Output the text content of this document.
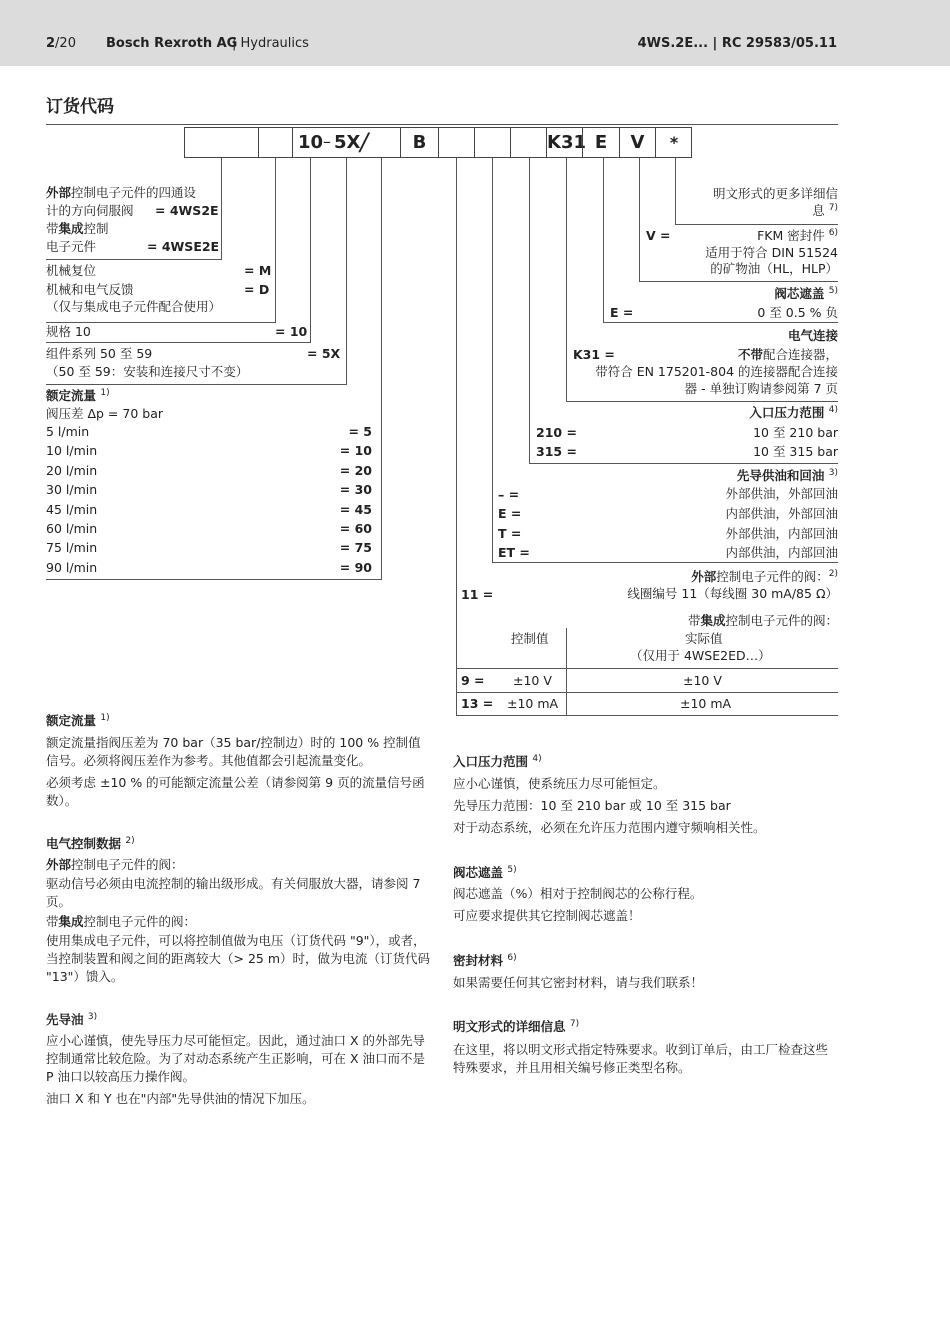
2/20 Bosch Rexroth AG
| Hydraulics	4WS.2E... | RC 29583/05.11
订货代码
10 – 5X /	B	K31 E	V	*
外部控制电子元件的四通设
计的方向伺服阀 = 4WS2E
带集成控制
电子元件	= 4WSE2E
机械复位	= M
机械和电气反馈	= D
（仅与集成电子元件配合使用）
规格 10	= 10
组件系列 50 至 59	= 5X
（50 至 59：安装和连接尺寸不变）
额定流量 $^{1)}$
阀压差 Δp = 70 bar
5 l/min	= 5
10 l/min	= 10
20 l/min	= 20
30 l/min	= 30
45 l/min	= 45
60 l/min	= 60
75 l/min	= 75
90 l/min	= 90
明文形式的更多详细信
息 $^{7)}$
V =	FKM 密封件 $^{6)}$
适用于符合 DIN 51524
的矿物油（HL，HLP）
阀芯遮盖 $^{5)}$
E =	0 至 0.5 % 负
电气连接
K31 =	不带配合连接器，
带符合 EN 175201-804 的连接器配合连接
器 - 单独订购请参阅第 7 页
入口压力范围 $^{4)}$
210 =	10 至 210 bar
315 =	10 至 315 bar
先导供油和回油 $^{3)}$
– =	外部供油，外部回油
E =	内部供油，外部回油
T =	外部供油，内部回油
ET =	内部供油，内部回油
外部控制电子元件的阀：$^{2)}$
11 =	线圈编号 11（每线圈 30 mA/85 Ω）
带集成控制电子元件的阀：
控制值	实际值
（仅用于 4WSE2ED…）
9 = ±10 V	±10 V
13 = ±10 mA	±10 mA
额定流量 $^{1)}$

额定流量指阀压差为 70 bar（35 bar/控制边）时的 100 % 控制值信号。必须将阀压差作为参考。其他值都会引起流量变化。

必须考虑 ±10 % 的可能额定流量公差（请参阅第 9 页的流量信号函数）。

电气控制数据 $^{2)}$
外部控制电子元件的阀：

驱动信号必须由电流控制的输出级形成。有关伺服放大器，请参阅 7 页。

带集成控制电子元件的阀：

使用集成电子元件，可以将控制值做为电压（订货代码 "9"），或者，当控制装置和阀之间的距离较大（> 25 m）时，做为电流（订货代码 "13"）馈入。

先导油 $^{3)}$

应小心谨慎，使先导压力尽可能恒定。因此，通过油口 X 的外部先导控制通常比较危险。为了对动态系统产生正影响，可在 X 油口而不是 P 油口以较高压力操作阀。

油口 X 和 Y 也在"内部"先导供油的情况下加压。

入口压力范围 $^{4)}$
应小心谨慎，使系统压力尽可能恒定。
先导压力范围：10 至 210 bar 或 10 至 315 bar
对于动态系统，必须在允许压力范围内遵守频响相关性。
阀芯遮盖 $^{5)}$
阀芯遮盖（%）相对于控制阀芯的公称行程。
可应要求提供其它控制阀芯遮盖！
密封材料 $^{6)}$
如果需要任何其它密封材料，请与我们联系！
明文形式的详细信息 $^{7)}$

在这里，将以明文形式指定特殊要求。收到订单后，由工厂检查这些特殊要求，并且用相关编号修正类型名称。
